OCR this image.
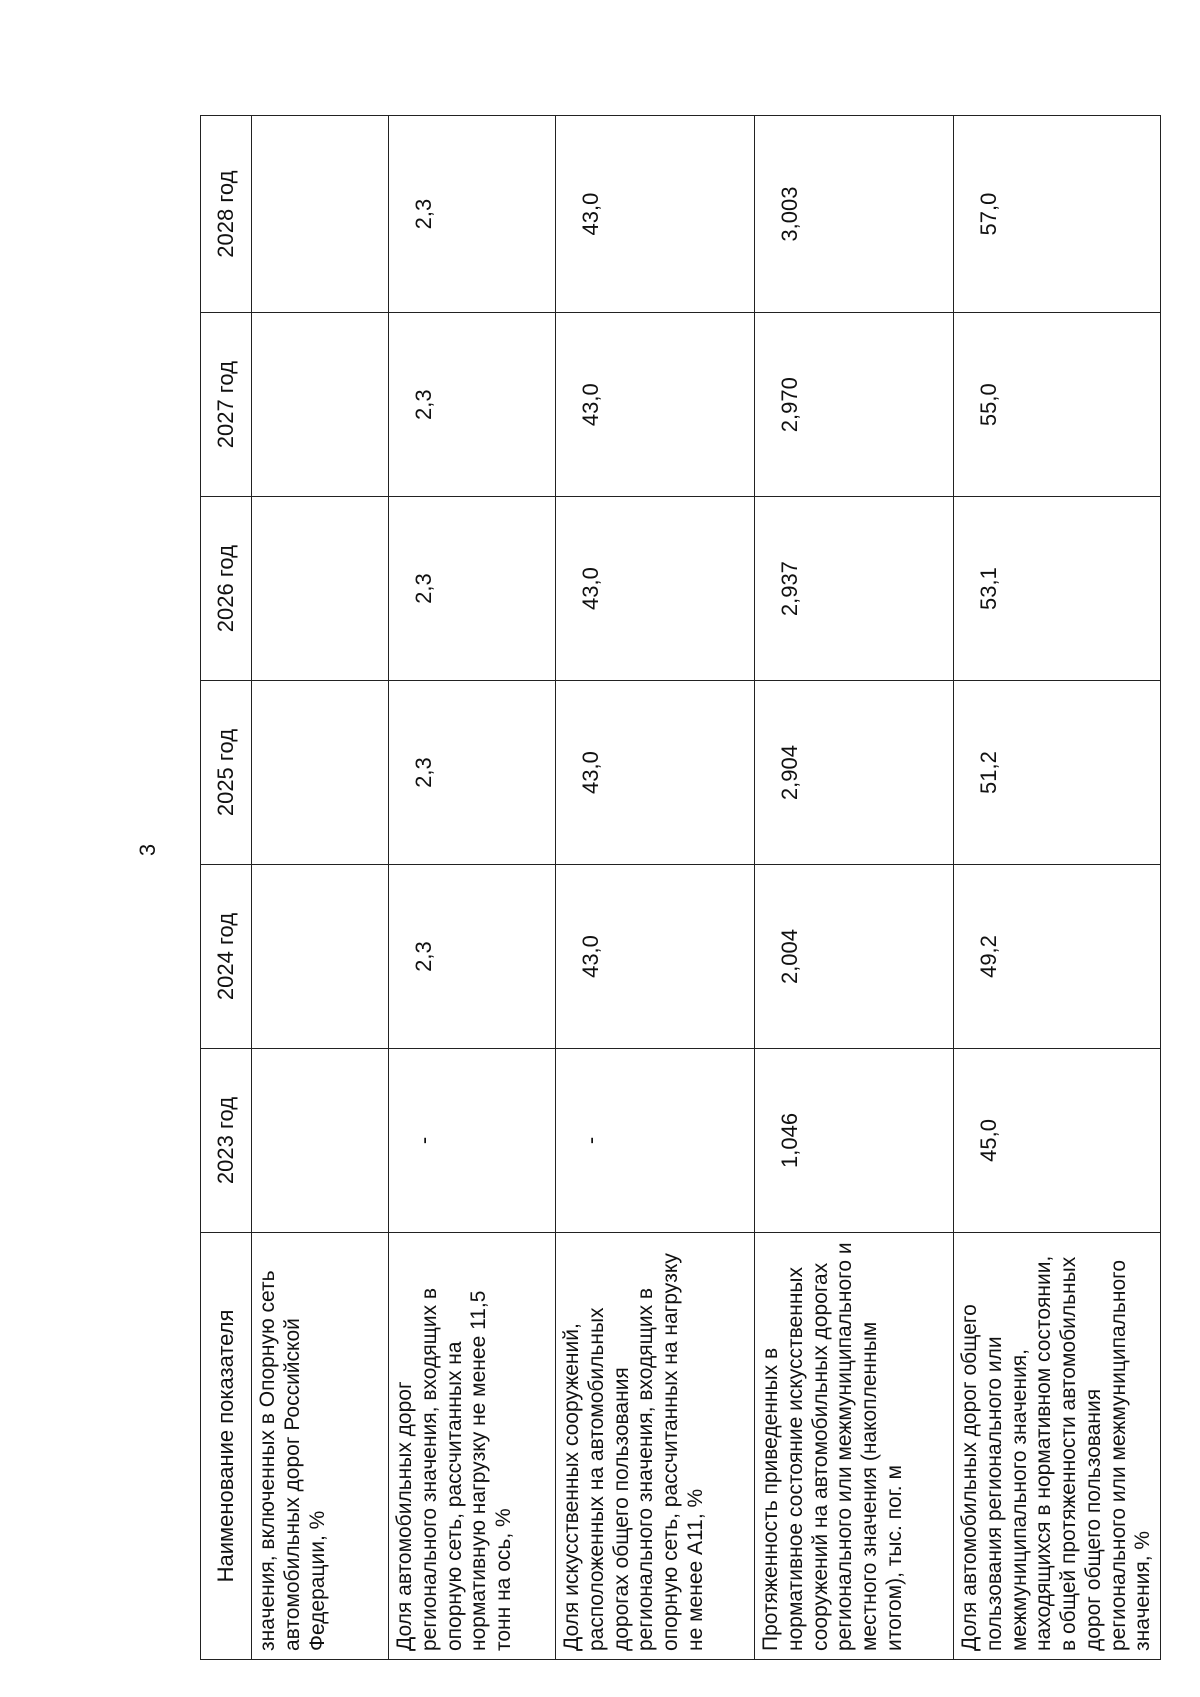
3
Наименование показателя	2023 год	2024 год	2025 год	2026 год	2027 год	2028 год
значения, включенных в Опорную сеть автомобильных дорог Российской Федерации, %						
Доля автомобильных дорог регионального значения, входящих в опорную сеть, рассчитанных на нормативную нагрузку не менее 11,5 тонн на ось, %	-	2,3	2,3	2,3	2,3	2,3
Доля искусственных сооружений, расположенных на автомобильных дорогах общего пользования регионального значения, входящих в опорную сеть, рассчитанных на нагрузку не менее А11, %	-	43,0	43,0	43,0	43,0	43,0
Протяженность приведенных в нормативное состояние искусственных сооружений на автомобильных дорогах регионального или межмуниципального и местного значения (накопленным итогом), тыс. пог. м	1,046	2,004	2,904	2,937	2,970	3,003
Доля автомобильных дорог общего пользования регионального или межмуниципального значения, находящихся в нормативном состоянии, в общей протяженности автомобильных дорог общего пользования регионального или межмуниципального значения, %	45,0	49,2	51,2	53,1	55,0	57,0
